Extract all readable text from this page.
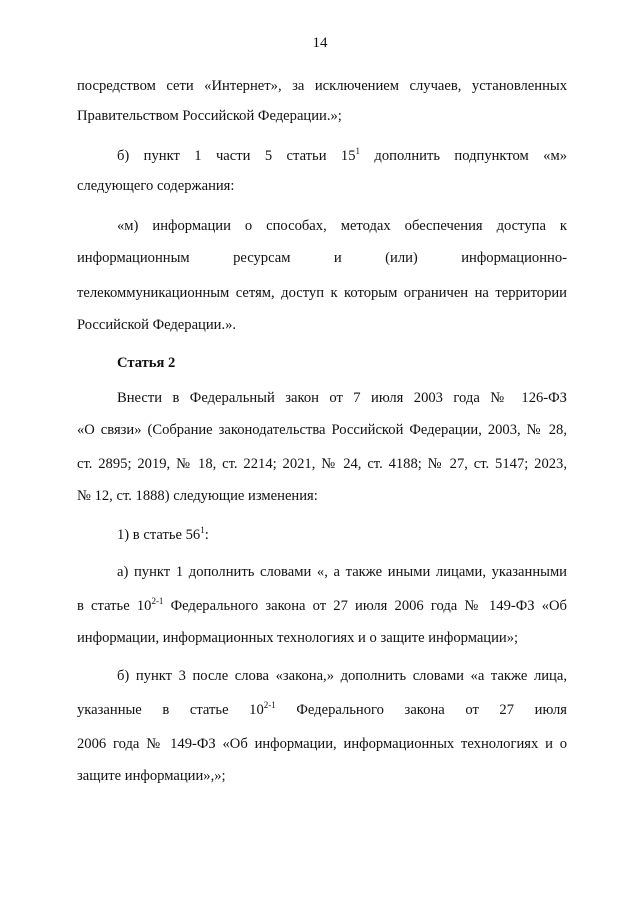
14
посредством сети «Интернет», за исключением случаев, установленных
Правительством Российской Федерации.»;
б) пункт 1 части 5 статьи $15^1$ дополнить подпунктом «м»
следующего содержания:
«м) информации о способах, методах обеспечения доступа к
информационным ресурсам и (или) информационно-
телекоммуникационным сетям, доступ к которым ограничен на территории
Российской Федерации.».
Статья 2
Внести в Федеральный закон от 7 июля 2003 года № 126-ФЗ
«О связи» (Собрание законодательства Российской Федерации, 2003, № 28,
ст. 2895; 2019, № 18, ст. 2214; 2021, № 24, ст. 4188; № 27, ст. 5147; 2023,
№ 12, ст. 1888) следующие изменения:
1) в статье $56^1$:
а) пункт 1 дополнить словами «, а также иными лицами, указанными
в статье 10$^{2-1}$ Федерального закона от 27 июля 2006 года № 149-ФЗ «Об
информации, информационных технологиях и о защите информации»;
б) пункт 3 после слова «закона,» дополнить словами «а также лица,
указанные в статье 10$^{2-1}$ Федерального закона от 27 июля
2006 года № 149-ФЗ «Об информации, информационных технологиях и о
защите информации»,»;
